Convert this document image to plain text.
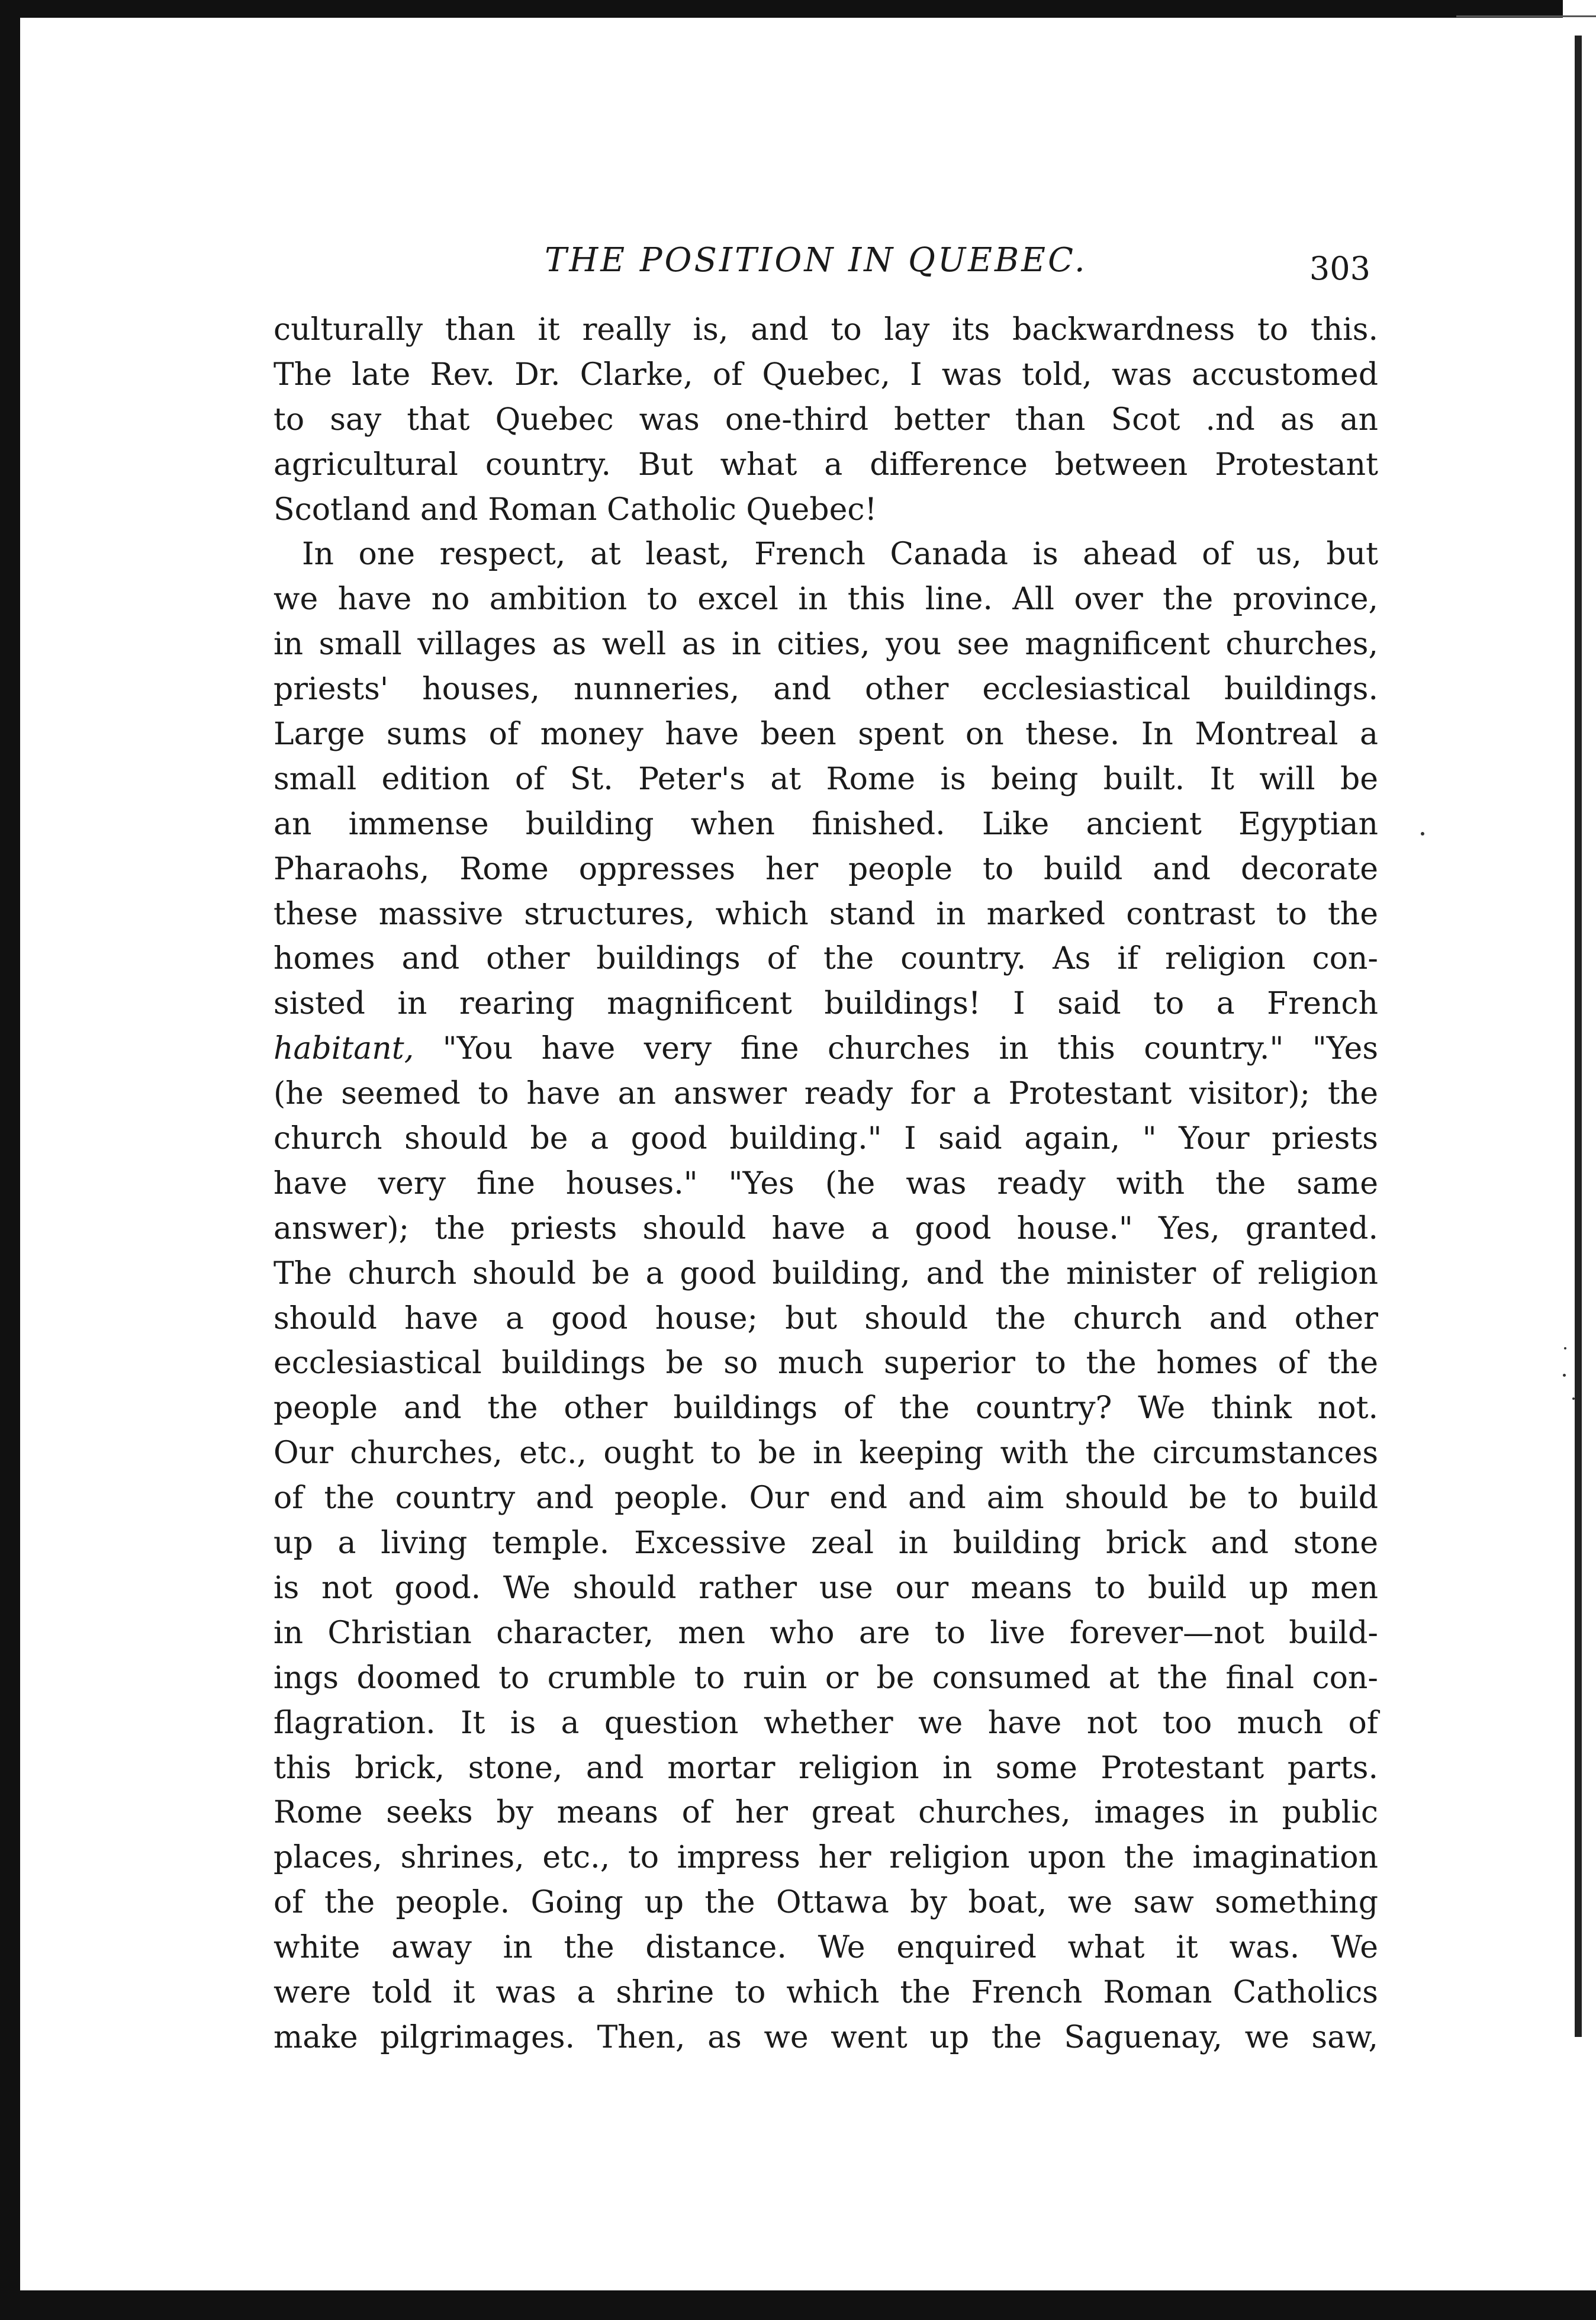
THE POSITION IN QUEBEC.	303
culturally than it really is, and to lay its backwardness to this.
The late Rev. Dr. Clarke, of Quebec, I was told, was accustomed
to say that Quebec was one-third better than Scot .nd as an
agricultural country. But what a difference between Protestant
Scotland and Roman Catholic Quebec!
In one respect, at least, French Canada is ahead of us, but
we have no ambition to excel in this line. All over the province,
in small villages as well as in cities, you see magnificent churches,
priests' houses, nunneries, and other ecclesiastical buildings.
Large sums of money have been spent on these. In Montreal a
small edition of St. Peter's at Rome is being built. It will be
an immense building when finished. Like ancient Egyptian
Pharaohs, Rome oppresses her people to build and decorate
these massive structures, which stand in marked contrast to the
homes and other buildings of the country. As if religion con-
sisted in rearing magnificent buildings! I said to a French
habitant, "You have very fine churches in this country." "Yes
(he seemed to have an answer ready for a Protestant visitor); the
church should be a good building." I said again, " Your priests
have very fine houses." "Yes (he was ready with the same
answer); the priests should have a good house." Yes, granted.
The church should be a good building, and the minister of religion
should have a good house; but should the church and other
ecclesiastical buildings be so much superior to the homes of the
people and the other buildings of the country? We think not.
Our churches, etc., ought to be in keeping with the circumstances
of the country and people. Our end and aim should be to build
up a living temple. Excessive zeal in building brick and stone
is not good. We should rather use our means to build up men
in Christian character, men who are to live forever—not build-
ings doomed to crumble to ruin or be consumed at the final con-
flagration. It is a question whether we have not too much of
this brick, stone, and mortar religion in some Protestant parts.
Rome seeks by means of her great churches, images in public
places, shrines, etc., to impress her religion upon the imagination
of the people. Going up the Ottawa by boat, we saw something
white away in the distance. We enquired what it was. We
were told it was a shrine to which the French Roman Catholics
make pilgrimages. Then, as we went up the Saguenay, we saw,
